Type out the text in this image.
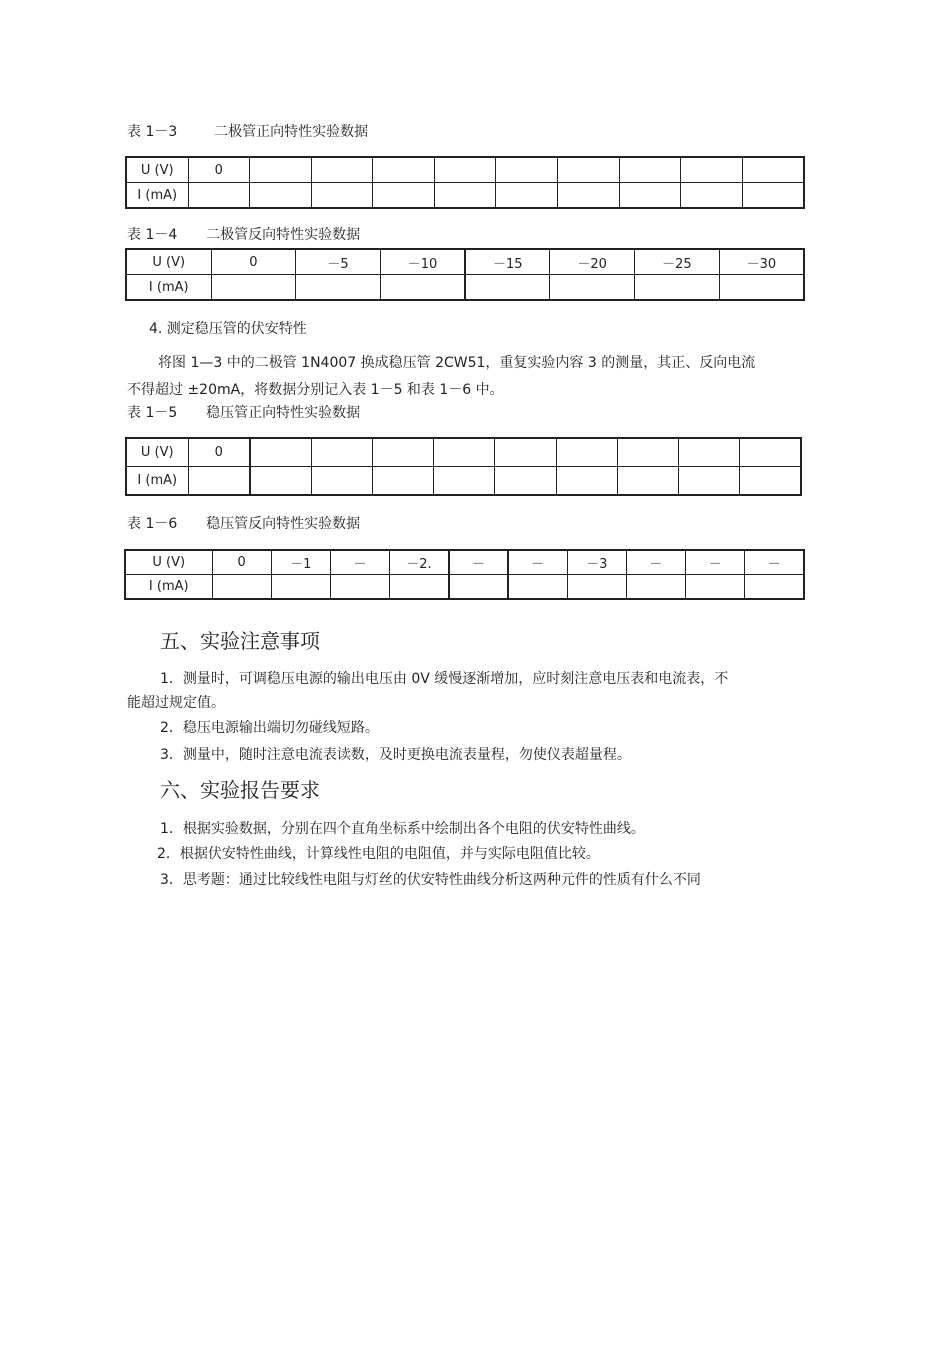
表 1－3	二极管正向特性实验数据
U (V)	0									
I (mA)										
表 1－4 二极管反向特性实验数据
U (V)	0	－5	－10	－15	－20	－25	－30
I (mA)							
4. 测定稳压管的伏安特性
将图 1—3 中的二极管 1N4007 换成稳压管 2CW51，重复实验内容 3 的测量，其正、反向电流
不得超过 ±20mA，将数据分别记入表 1－5 和表 1－6 中。
表 1－5 稳压管正向特性实验数据
U (V)	0									
I (mA)										
表 1－6 稳压管反向特性实验数据
U (V)	0	－1	－	－2.	－	－	－3	－	－	－
I (mA)										
五、实验注意事项
1．测量时，可调稳压电源的输出电压由 0V 缓慢逐渐增加，应时刻注意电压表和电流表，不
能超过规定值。
2．稳压电源输出端切勿碰线短路。
3．测量中，随时注意电流表读数，及时更换电流表量程，勿使仪表超量程。
六、实验报告要求
1．根据实验数据，分别在四个直角坐标系中绘制出各个电阻的伏安特性曲线。
2．根据伏安特性曲线，计算线性电阻的电阻值，并与实际电阻值比较。
3．思考题：通过比较线性电阻与灯丝的伏安特性曲线分析这两种元件的性质有什么不同
